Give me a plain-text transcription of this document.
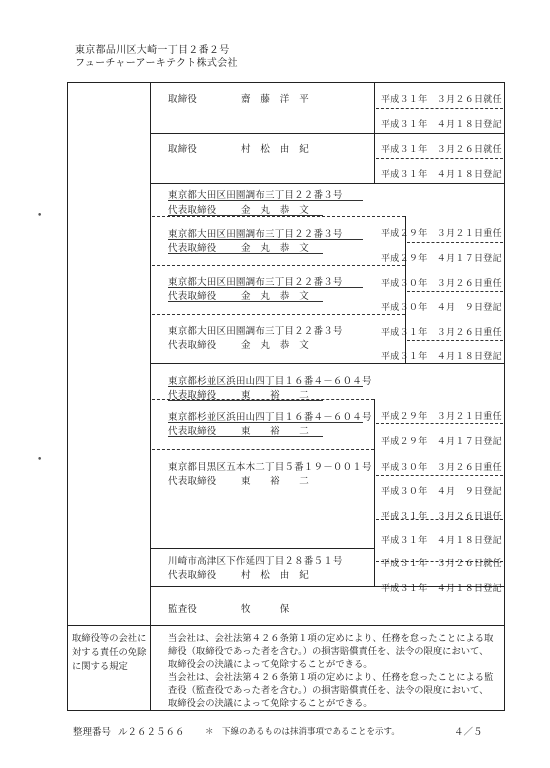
東京都品川区大崎一丁目２番２号
フューチャーアーキテクト株式会社
•
•
取締役	齋　藤　洋　平	平成３１年　３月２６日就任
平成３１年　４月１８日登記
取締役	村　松　由　紀	平成３１年　３月２６日就任
平成３１年　４月１８日登記
東京都大田区田園調布三丁目２２番３号
代表取締役	金　丸　恭　文
東京都大田区田園調布三丁目２２番３号
代表取締役	金　丸　恭　文
平成２９年　３月２１日重任
平成２９年　４月１７日登記
東京都大田区田園調布三丁目２２番３号
代表取締役	金　丸　恭　文
平成３０年　３月２６日重任
平成３０年　４月　９日登記
東京都大田区田園調布三丁目２２番３号
代表取締役	金　丸　恭　文
平成３１年　３月２６日重任
平成３１年　４月１８日登記
東京都杉並区浜田山四丁目１６番４－６０４号
代表取締役	東　　裕　　二
東京都杉並区浜田山四丁目１６番４－６０４号
代表取締役	東　　裕　　二
平成２９年　３月２１日重任
平成２９年　４月１７日登記
東京都目黒区五本木二丁目５番１９－００１号
代表取締役	東　　裕　　二
平成３０年　３月２６日重任
平成３０年　４月　９日登記
平成３１年　３月２６日退任
平成３１年　４月１８日登記
川崎市高津区下作延四丁目２８番５１号
代表取締役	村　松　由　紀
平成３１年　３月２６日就任
平成３１年　４月１８日登記
監査役	牧　　　保
取締役等の会社に
対する責任の免除
に関する規定
当会社は、会社法第４２６条第１項の定めにより、任務を怠ったことによる取
締役（取締役であった者を含む。）の損害賠償責任を、法令の限度において、
取締役会の決議によって免除することができる。
当会社は、会社法第４２６条第１項の定めにより、任務を怠ったことによる監
査役（監査役であった者を含む。）の損害賠償責任を、法令の限度において、
取締役会の決議によって免除することができる。
整理番号 ル２６２５６６ ＊　下線のあるものは抹消事項であることを示す。	４／５
